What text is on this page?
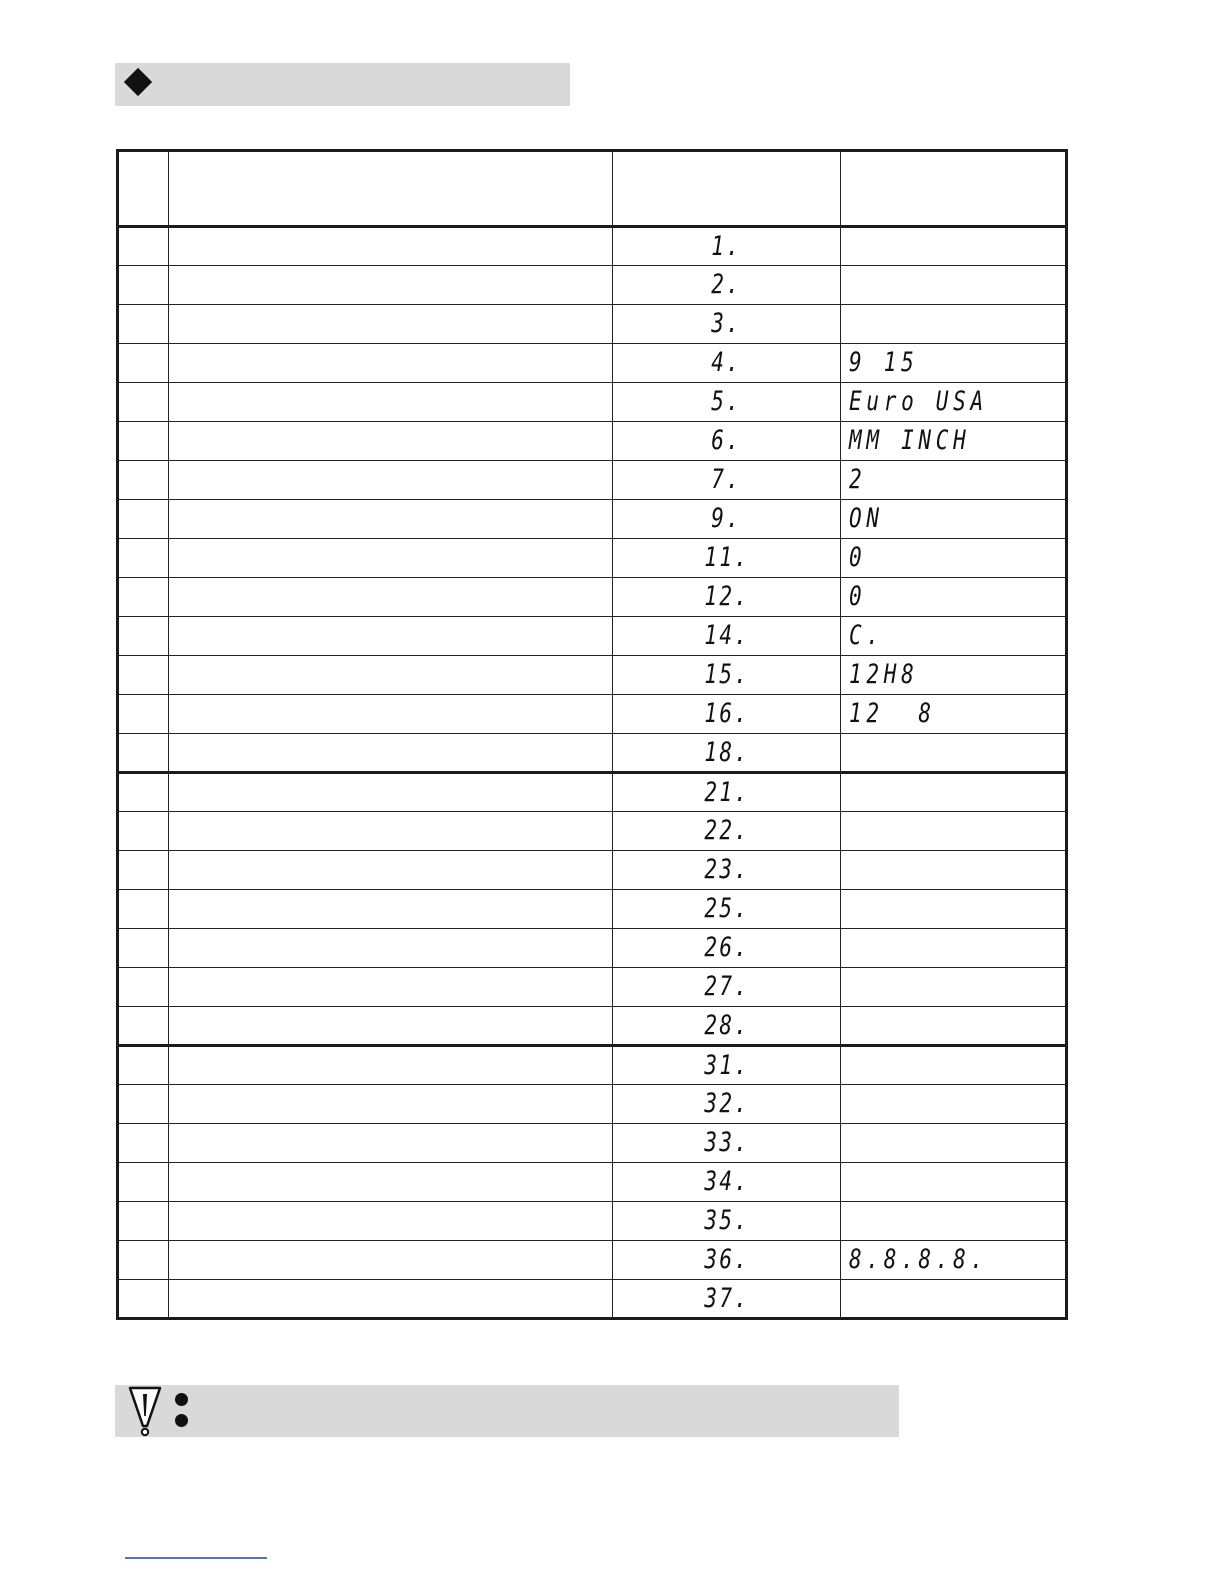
		1.	
		2.	
		3.	
		4.	9 15
		5.	Euro USA
		6.	MM INCH
		7.	2
		9.	ON
		11.	0
		12.	0
		14.	C.
		15.	12H8
		16.	12  8
		18.	
		21.	
		22.	
		23.	
		25.	
		26.	
		27.	
		28.	
		31.	
		32.	
		33.	
		34.	
		35.	
		36.	8.8.8.8.
		37.	
